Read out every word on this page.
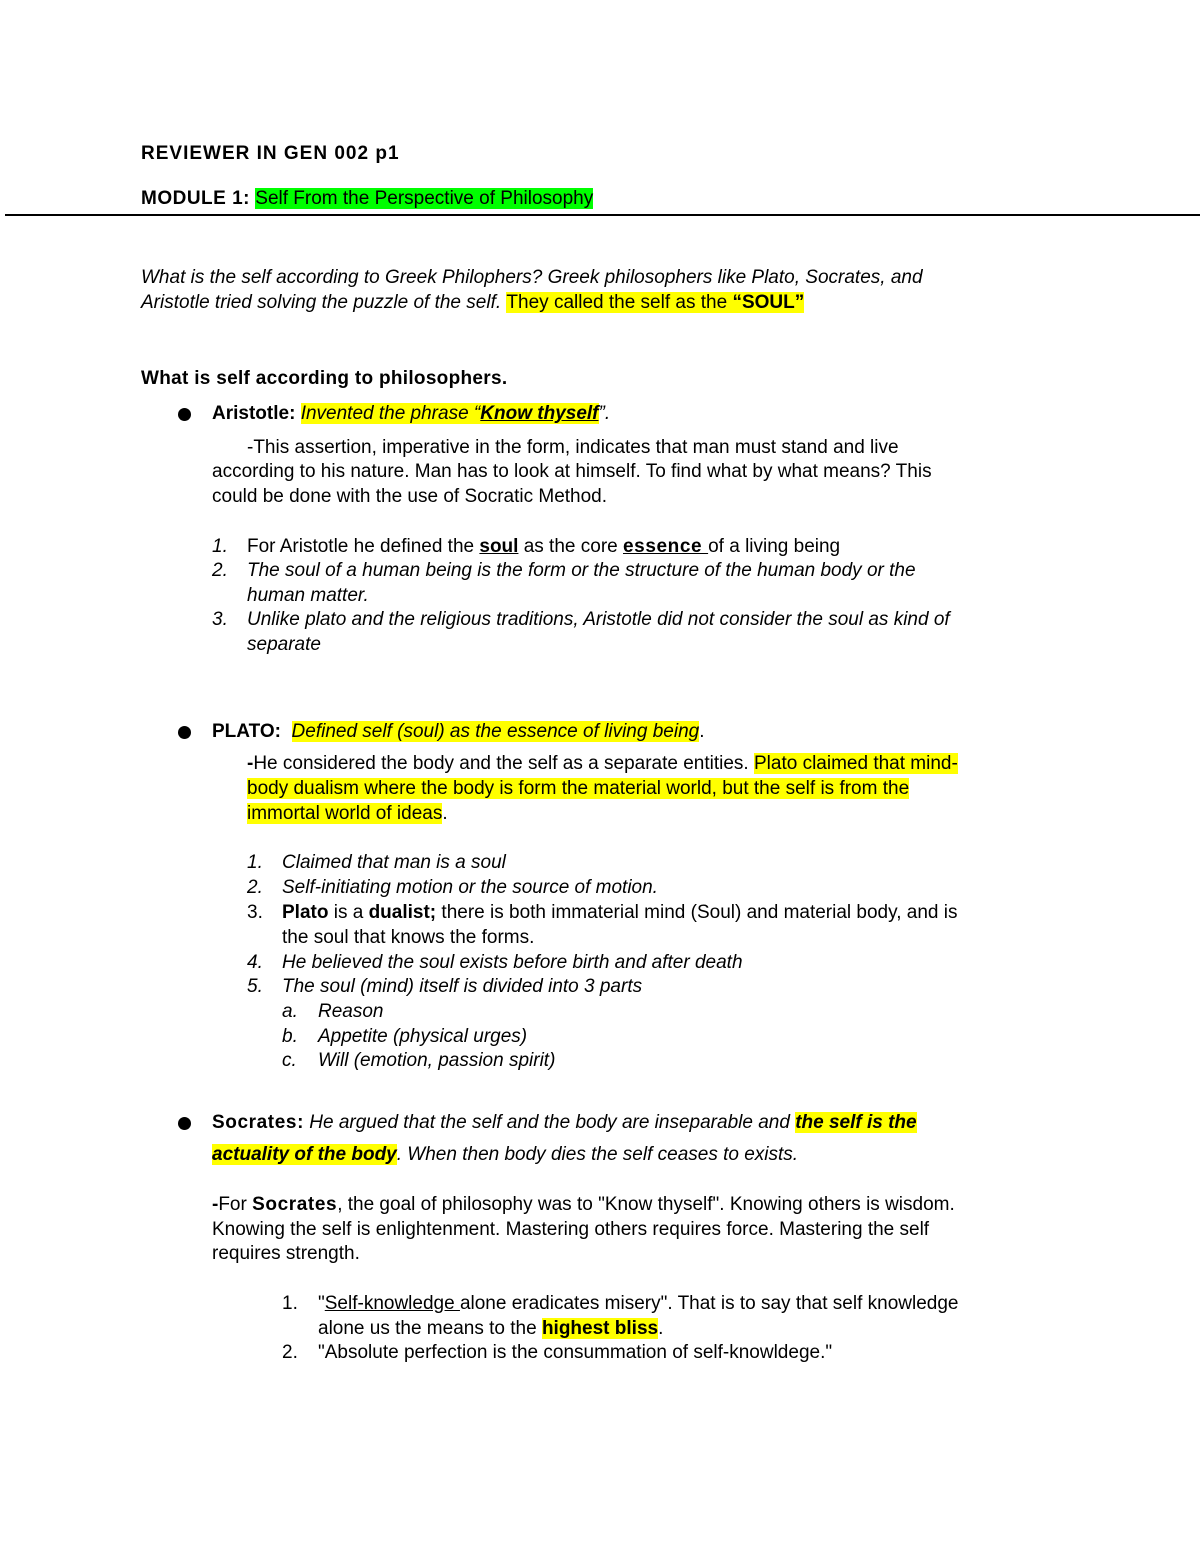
REVIEWER IN GEN 002 p1
MODULE 1: Self From the Perspective of Philosophy
What is the self according to Greek Philophers? Greek philosophers like Plato, Socrates, and
Aristotle tried solving the puzzle of the self. They called the self as the “SOUL”
What is self according to philosophers.
Aristotle: Invented the phrase “Know thyself”.
-This assertion, imperative in the form, indicates that man must stand and live
according to his nature. Man has to look at himself. To find what by what means? This
could be done with the use of Socratic Method.
1. For Aristotle he defined the soul as the core essence of a living being
2. The soul of a human being is the form or the structure of the human body or the
human matter.
3. Unlike plato and the religious traditions, Aristotle did not consider the soul as kind of
separate
PLATO: Defined self (soul) as the essence of living being.
-He considered the body and the self as a separate entities. Plato claimed that mind-
body dualism where the body is form the material world, but the self is from the
immortal world of ideas.
1. Claimed that man is a soul
2. Self-initiating motion or the source of motion.
3. Plato is a dualist; there is both immaterial mind (Soul) and material body, and is
the soul that knows the forms.
4. He believed the soul exists before birth and after death
5. The soul (mind) itself is divided into 3 parts
a. Reason
b. Appetite (physical urges)
c. Will (emotion, passion spirit)
Socrates: He argued that the self and the body are inseparable and the self is the
actuality of the body. When then body dies the self ceases to exists.
-For Socrates, the goal of philosophy was to "Know thyself". Knowing others is wisdom.
Knowing the self is enlightenment. Mastering others requires force. Mastering the self
requires strength.
1. "Self-knowledge alone eradicates misery". That is to say that self knowledge
alone us the means to the highest bliss.
2. "Absolute perfection is the consummation of self-knowldege."
